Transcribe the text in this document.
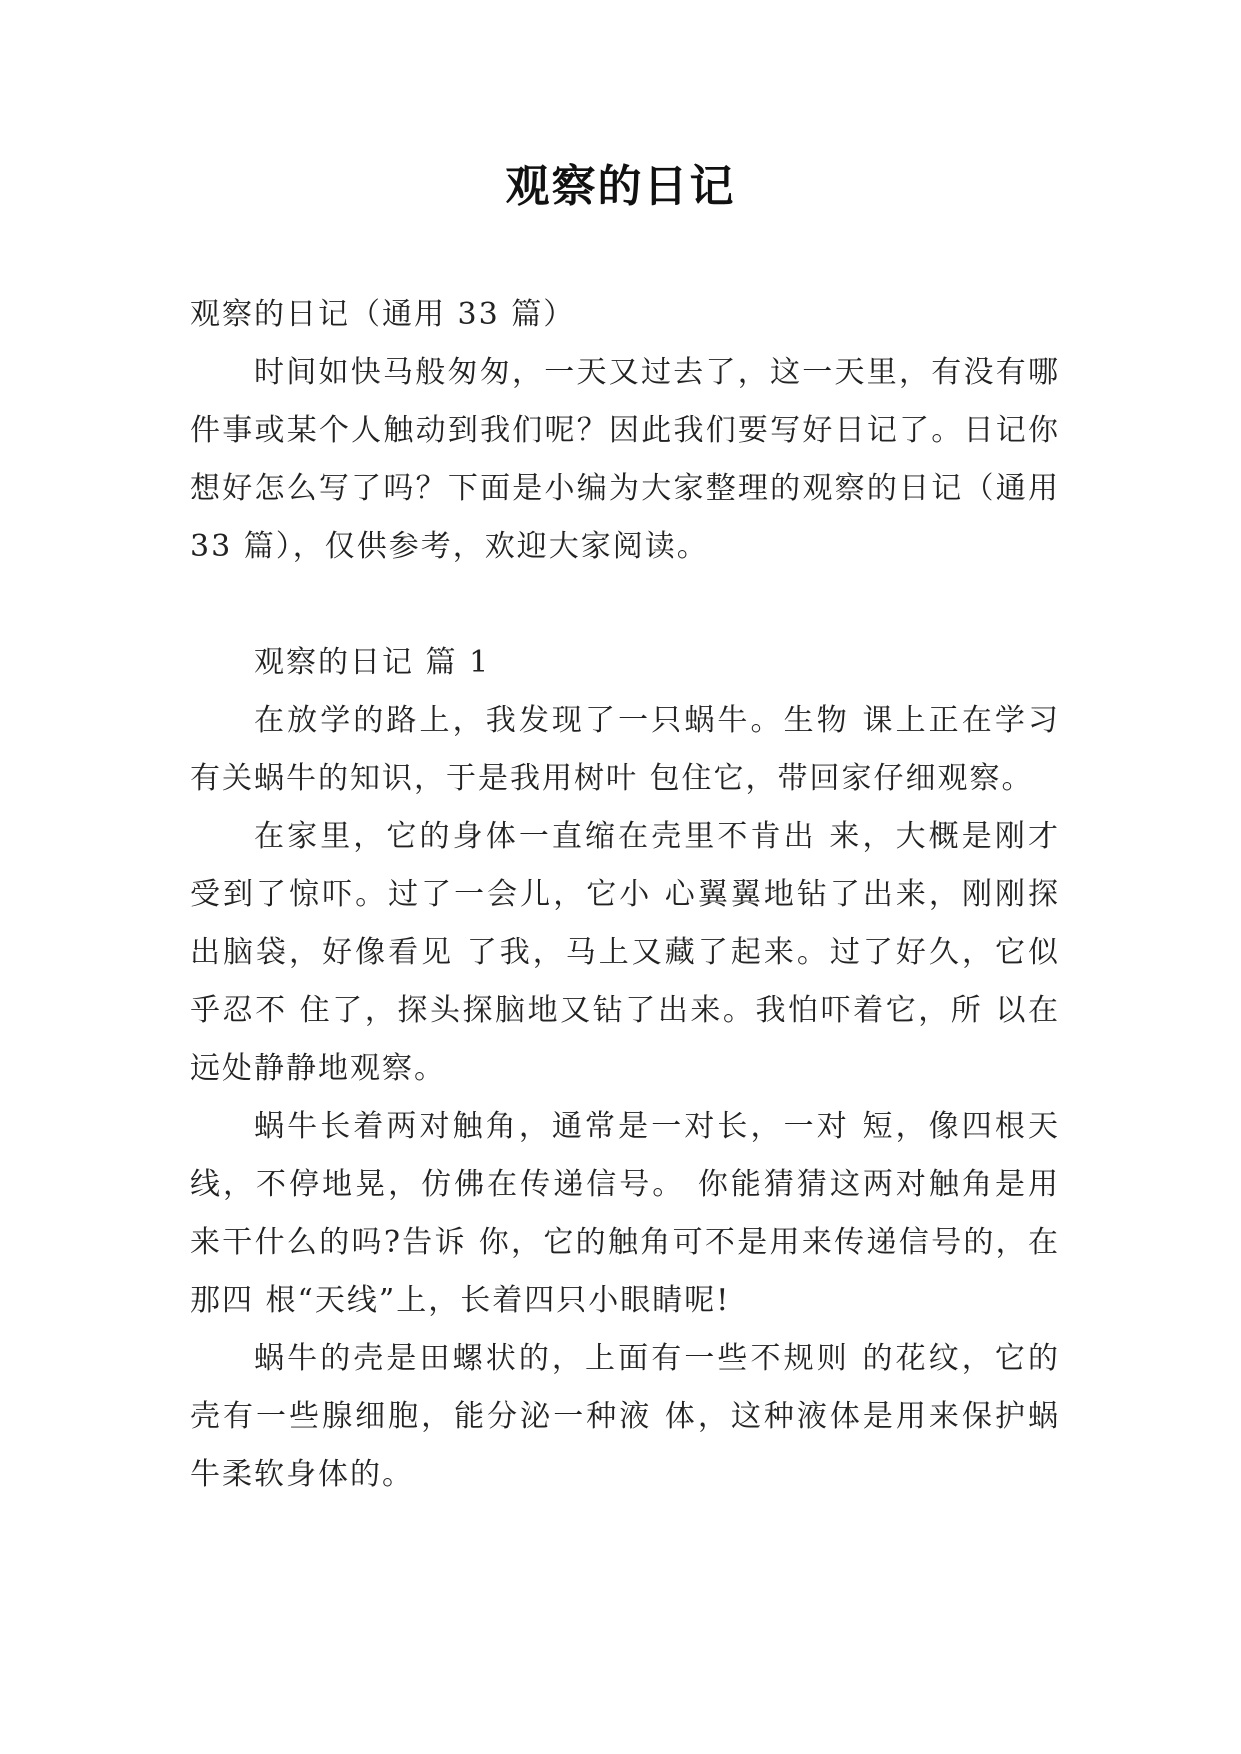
观察的日记

观察的日记（通用 33 篇）

时间如快马般匆匆，一天又过去了，这一天里，有没有哪件事或某个人触动到我们呢？因此我们要写好日记了。日记你想好怎么写了吗？下面是小编为大家整理的观察的日记（通用 33 篇），仅供参考，欢迎大家阅读。

观察的日记 篇 1

在放学的路上，我发现了一只蜗牛。生物 课上正在学习有关蜗牛的知识，于是我用树叶 包住它，带回家仔细观察。

在家里，它的身体一直缩在壳里不肯出 来，大概是刚才受到了惊吓。过了一会儿，它小 心翼翼地钻了出来，刚刚探出脑袋，好像看见 了我，马上又藏了起来。过了好久，它似乎忍不 住了，探头探脑地又钻了出来。我怕吓着它，所 以在远处静静地观察。

蜗牛长着两对触角，通常是一对长，一对 短，像四根天线，不停地晃，仿佛在传递信号。 你能猜猜这两对触角是用来干什么的吗?告诉 你，它的触角可不是用来传递信号的，在那四 根“天线”上，长着四只小眼睛呢!

蜗牛的壳是田螺状的，上面有一些不规则 的花纹，它的壳有一些腺细胞，能分泌一种液 体，这种液体是用来保护蜗牛柔软身体的。
